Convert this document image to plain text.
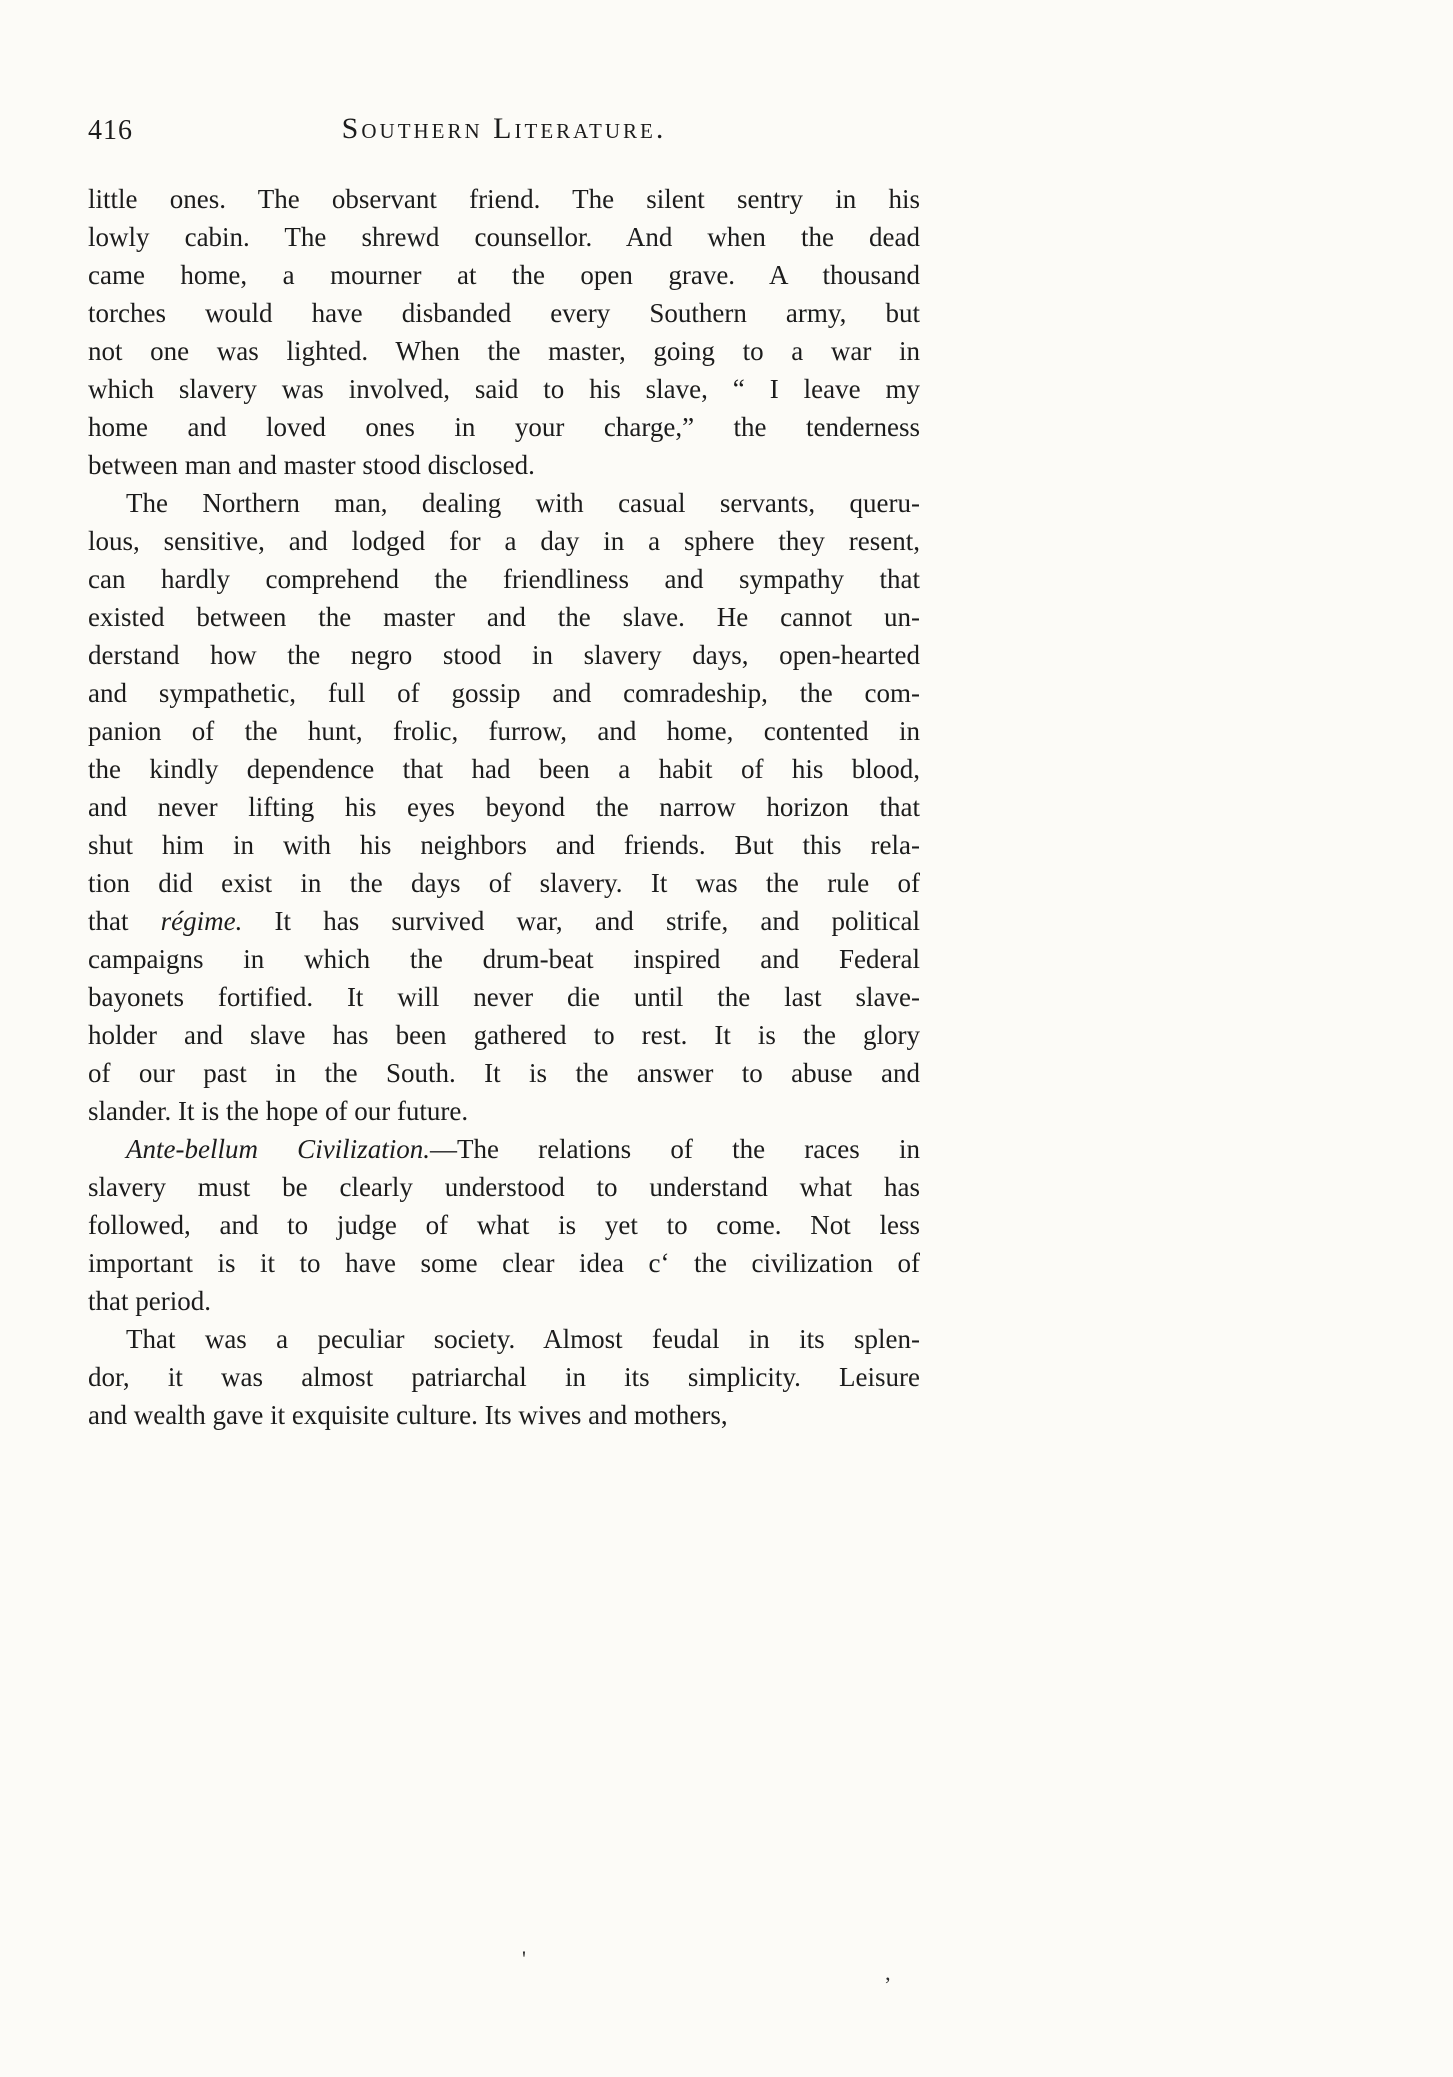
416	Southern Literature.
little ones. The observant friend. The silent sentry in his
lowly cabin. The shrewd counsellor. And when the dead
came home, a mourner at the open grave. A thousand
torches would have disbanded every Southern army, but
not one was lighted. When the master, going to a war in
which slavery was involved, said to his slave, “ I leave my
home and loved ones in your charge,” the tenderness
between man and master stood disclosed.
The Northern man, dealing with casual servants, queru-
lous, sensitive, and lodged for a day in a sphere they resent,
can hardly comprehend the friendliness and sympathy that
existed between the master and the slave. He cannot un-
derstand how the negro stood in slavery days, open-hearted
and sympathetic, full of gossip and comradeship, the com-
panion of the hunt, frolic, furrow, and home, contented in
the kindly dependence that had been a habit of his blood,
and never lifting his eyes beyond the narrow horizon that
shut him in with his neighbors and friends. But this rela-
tion did exist in the days of slavery. It was the rule of
that régime. It has survived war, and strife, and political
campaigns in which the drum-beat inspired and Federal
bayonets fortified. It will never die until the last slave-
holder and slave has been gathered to rest. It is the glory
of our past in the South. It is the answer to abuse and
slander. It is the hope of our future.
Ante-bellum Civilization.—The relations of the races in
slavery must be clearly understood to understand what has
followed, and to judge of what is yet to come. Not less
important is it to have some clear idea c‘ the civilization of
that period.
That was a peculiar society. Almost feudal in its splen-
dor, it was almost patriarchal in its simplicity. Leisure
and wealth gave it exquisite culture. Its wives and mothers,
'
’
